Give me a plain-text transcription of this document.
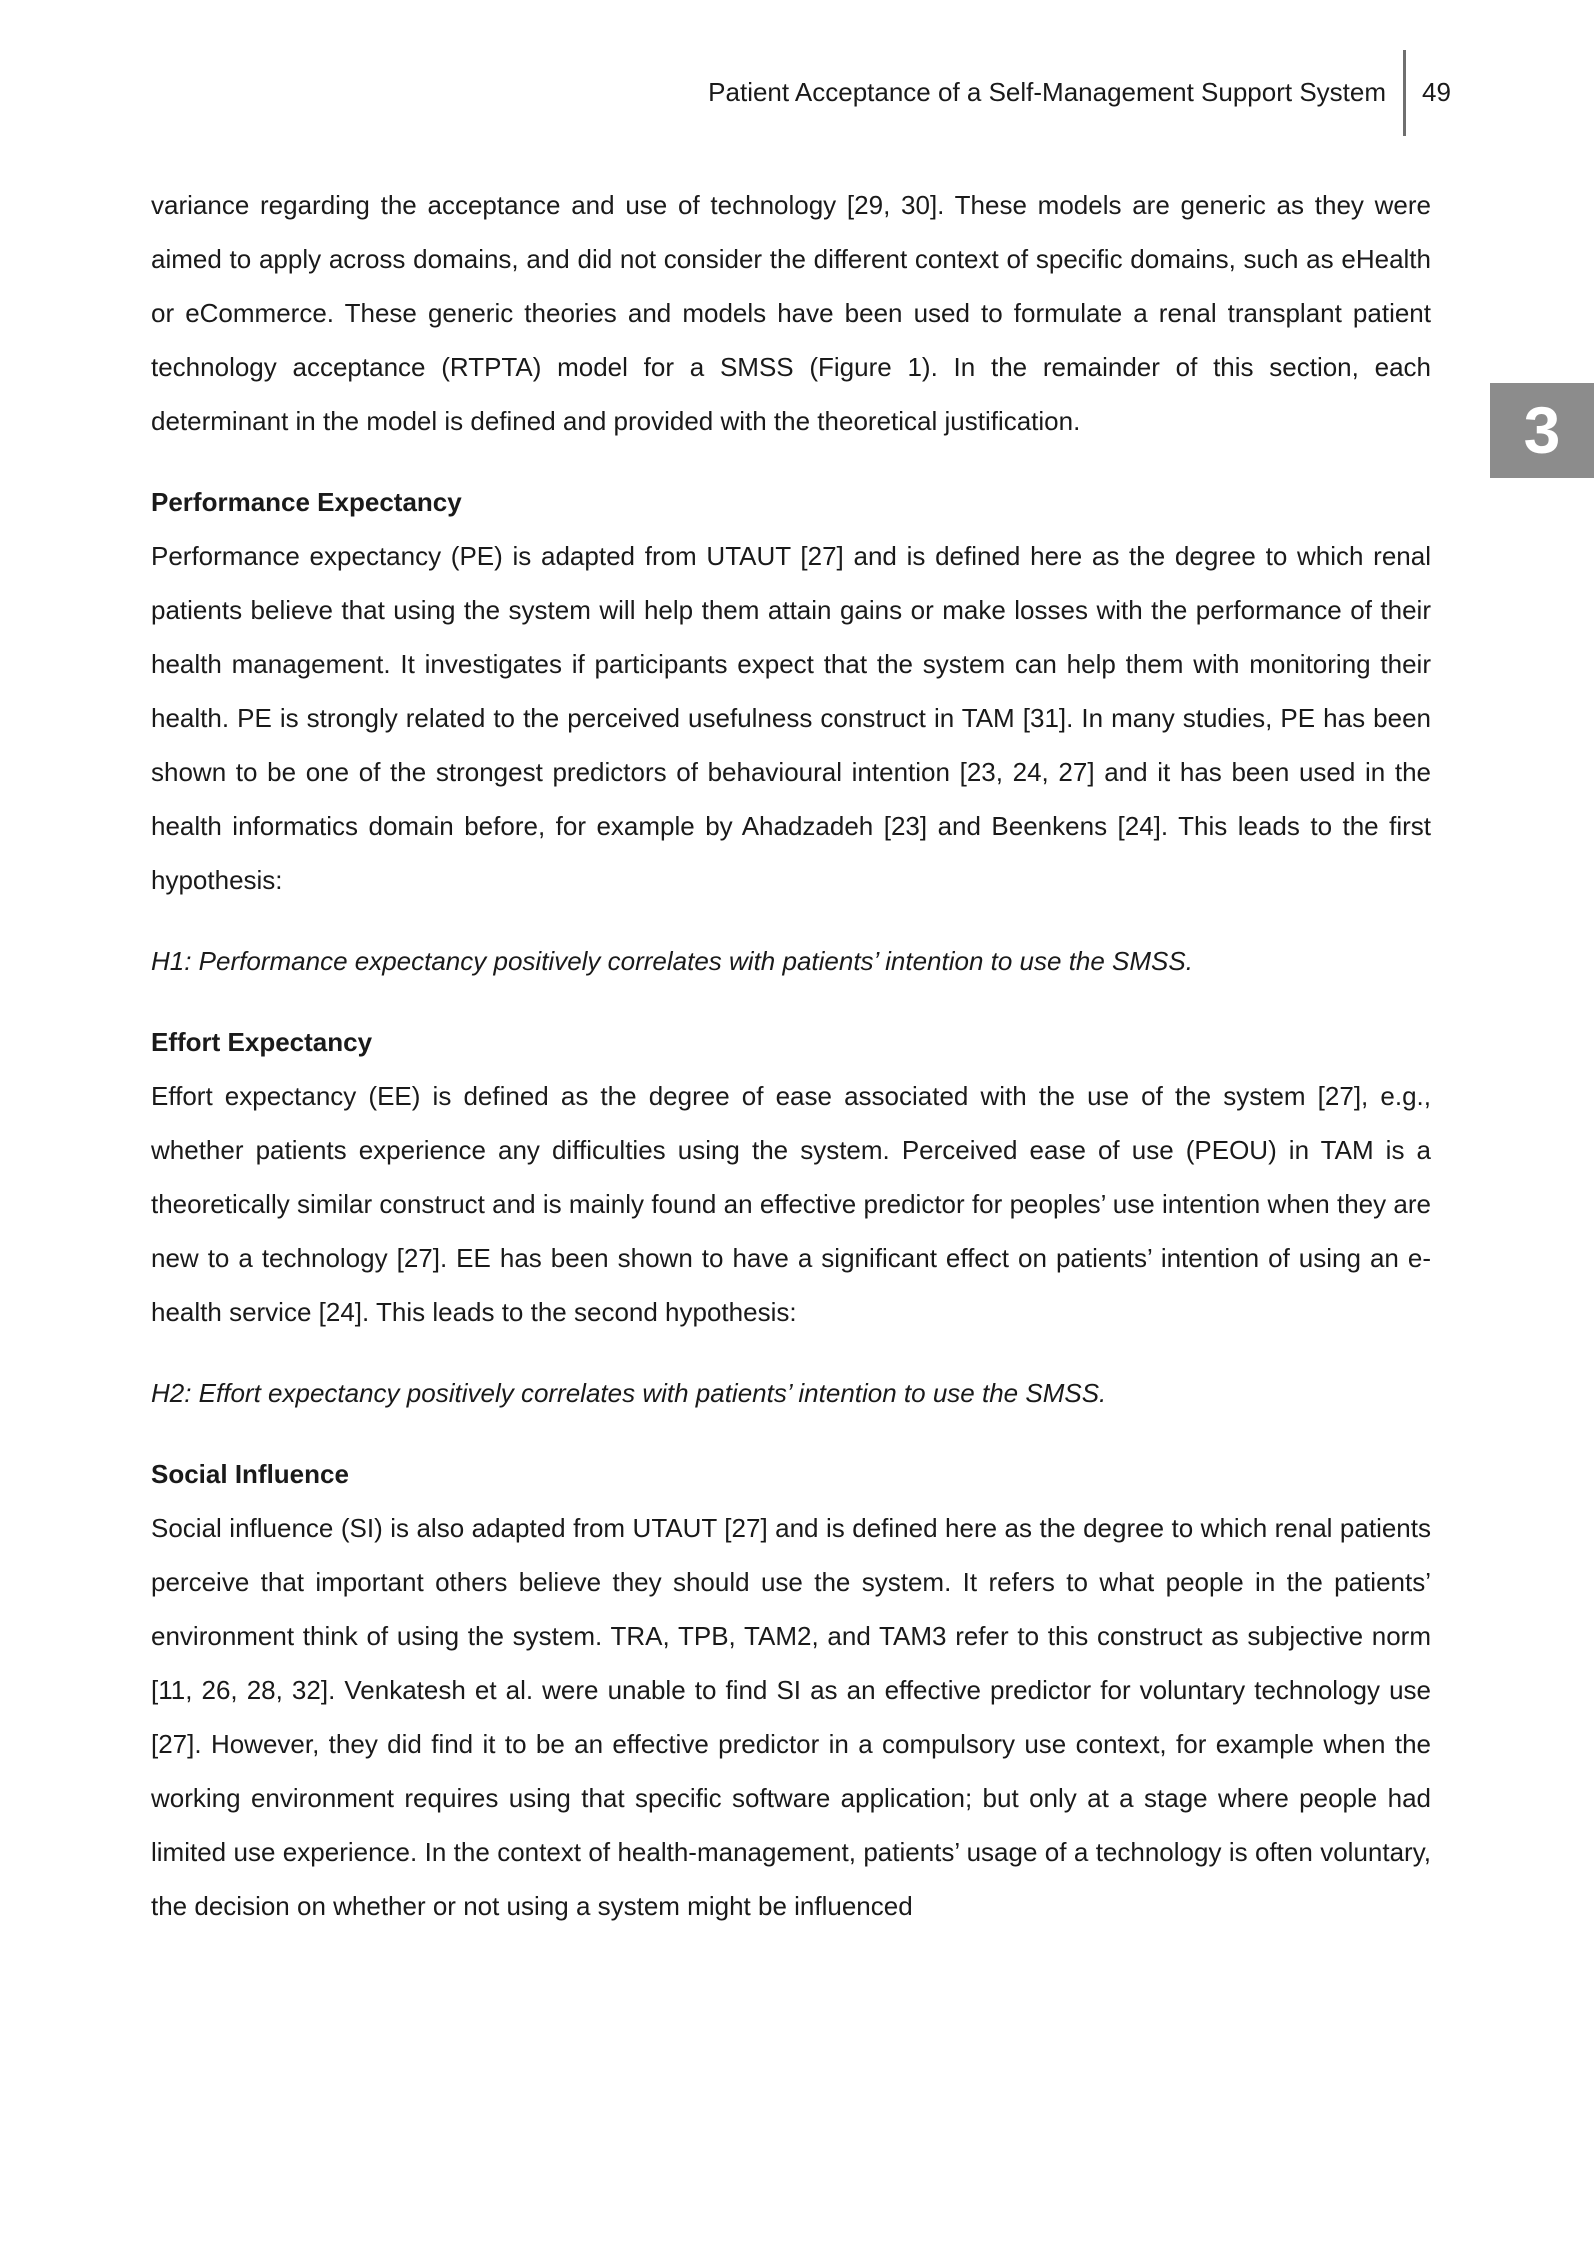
Patient Acceptance of a Self-Management Support System 49
3

variance regarding the acceptance and use of technology [29, 30]. These models are generic as they were aimed to apply across domains, and did not consider the different context of specific domains, such as eHealth or eCommerce. These generic theories and models have been used to formulate a renal transplant patient technology acceptance (RTPTA) model for a SMSS (Figure 1). In the remainder of this section, each determinant in the model is defined and provided with the theoretical justification.

Performance Expectancy

Performance expectancy (PE) is adapted from UTAUT [27] and is defined here as the degree to which renal patients believe that using the system will help them attain gains or make losses with the performance of their health management. It investigates if participants expect that the system can help them with monitoring their health. PE is strongly related to the perceived usefulness construct in TAM [31]. In many studies, PE has been shown to be one of the strongest predictors of behavioural intention [23, 24, 27] and it has been used in the health informatics domain before, for example by Ahadzadeh [23] and Beenkens [24]. This leads to the first hypothesis:

H1: Performance expectancy positively correlates with patients’ intention to use the SMSS.

Effort Expectancy

Effort expectancy (EE) is defined as the degree of ease associated with the use of the system [27], e.g., whether patients experience any difficulties using the system. Perceived ease of use (PEOU) in TAM is a theoretically similar construct and is mainly found an effective predictor for peoples’ use intention when they are new to a technology [27]. EE has been shown to have a significant effect on patients’ intention of using an e-health service [24]. This leads to the second hypothesis:

H2: Effort expectancy positively correlates with patients’ intention to use the SMSS.

Social Influence

Social influence (SI) is also adapted from UTAUT [27] and is defined here as the degree to which renal patients perceive that important others believe they should use the system. It refers to what people in the patients’ environment think of using the system. TRA, TPB, TAM2, and TAM3 refer to this construct as subjective norm [11, 26, 28, 32]. Venkatesh et al. were unable to find SI as an effective predictor for voluntary technology use [27]. However, they did find it to be an effective predictor in a compulsory use context, for example when the working environment requires using that specific software application; but only at a stage where people had limited use experience. In the context of health-management, patients’ usage of a technology is often voluntary, the decision on whether or not using a system might be influenced
